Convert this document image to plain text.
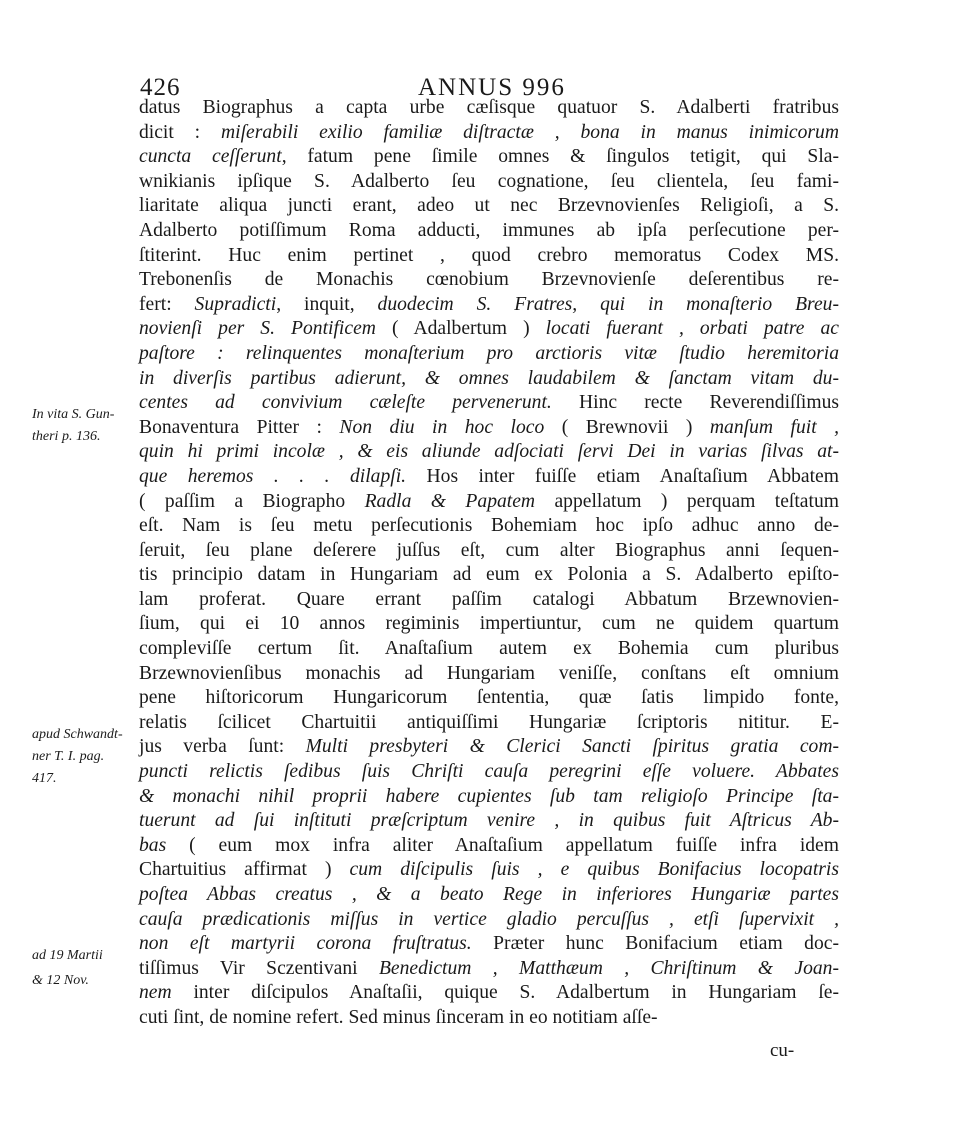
426	ANNUS 996
datus Biographus a capta urbe cæſisque quatuor S. Adalberti fratribus
dicit : miſerabili exilio familiæ diſtractæ , bona in manus inimicorum
cuncta ceſſerunt, fatum pene ſimile omnes & ſingulos tetigit, qui Sla-
wnikianis ipſique S. Adalberto ſeu cognatione, ſeu clientela, ſeu fami-
liaritate aliqua juncti erant, adeo ut nec Brzevnovienſes Religioſi, a S.
Adalberto potiſſimum Roma adducti, immunes ab ipſa perſecutione per-
ſtiterint. Huc enim pertinet , quod crebro memoratus Codex MS.
Trebonenſis de Monachis cœnobium Brzevnovienſe deſerentibus re-
fert: Supradicti, inquit, duodecim S. Fratres, qui in monaſterio Breu-
novienſi per S. Pontificem ( Adalbertum ) locati fuerant , orbati patre ac
paſtore : relinquentes monaſterium pro arctioris vitæ ſtudio heremitoria
in diverſis partibus adierunt, & omnes laudabilem & ſanctam vitam du-
centes ad convivium cæleſte pervenerunt. Hinc recte Reverendiſſimus
Bonaventura Pitter : Non diu in hoc loco ( Brewnovii ) manſum fuit ,
quin hi primi incolæ , & eis aliunde adſociati ſervi Dei in varias ſilvas at-
que heremos . . . dilapſi. Hos inter fuiſſe etiam Anaſtaſium Abbatem
( paſſim a Biographo Radla & Papatem appellatum ) perquam teſtatum
eſt. Nam is ſeu metu perſecutionis Bohemiam hoc ipſo adhuc anno de-
ſeruit, ſeu plane deſerere juſſus eſt, cum alter Biographus anni ſequen-
tis principio datam in Hungariam ad eum ex Polonia a S. Adalberto epiſto-
lam proferat. Quare errant paſſim catalogi Abbatum Brzewnovien-
ſium, qui ei 10 annos regiminis impertiuntur, cum ne quidem quartum
compleviſſe certum ſit. Anaſtaſium autem ex Bohemia cum pluribus
Brzewnovienſibus monachis ad Hungariam veniſſe, conſtans eſt omnium
pene hiſtoricorum Hungaricorum ſententia, quæ ſatis limpido fonte,
relatis ſcilicet Chartuitii antiquiſſimi Hungariæ ſcriptoris nititur. E-
jus verba ſunt: Multi presbyteri & Clerici Sancti ſpiritus gratia com-
puncti relictis ſedibus ſuis Chriſti cauſa peregrini eſſe voluere. Abbates
& monachi nihil proprii habere cupientes ſub tam religioſo Principe ſta-
tuerunt ad ſui inſtituti præſcriptum venire , in quibus fuit Aſtricus Ab-
bas ( eum mox infra aliter Anaſtaſium appellatum fuiſſe infra idem
Chartuitius affirmat ) cum diſcipulis ſuis , e quibus Bonifacius locopatris
poſtea Abbas creatus , & a beato Rege in inferiores Hungariæ partes
cauſa prædicationis miſſus in vertice gladio percuſſus , etſi ſupervixit ,
non eſt martyrii corona fruſtratus. Præter hunc Bonifacium etiam doc-
tiſſimus Vir Sczentivani Benedictum , Matthæum , Chriſtinum & Joan-
nem inter diſcipulos Anaſtaſii, quique S. Adalbertum in Hungariam ſe-
cuti ſint, de nomine refert. Sed minus ſinceram in eo notitiam aſſe-
In vita S. Gun-
theri p. 136.
apud Schwandt-
ner T. I. pag.
417.
ad 19 Martii
& 12 Nov.
cu-
